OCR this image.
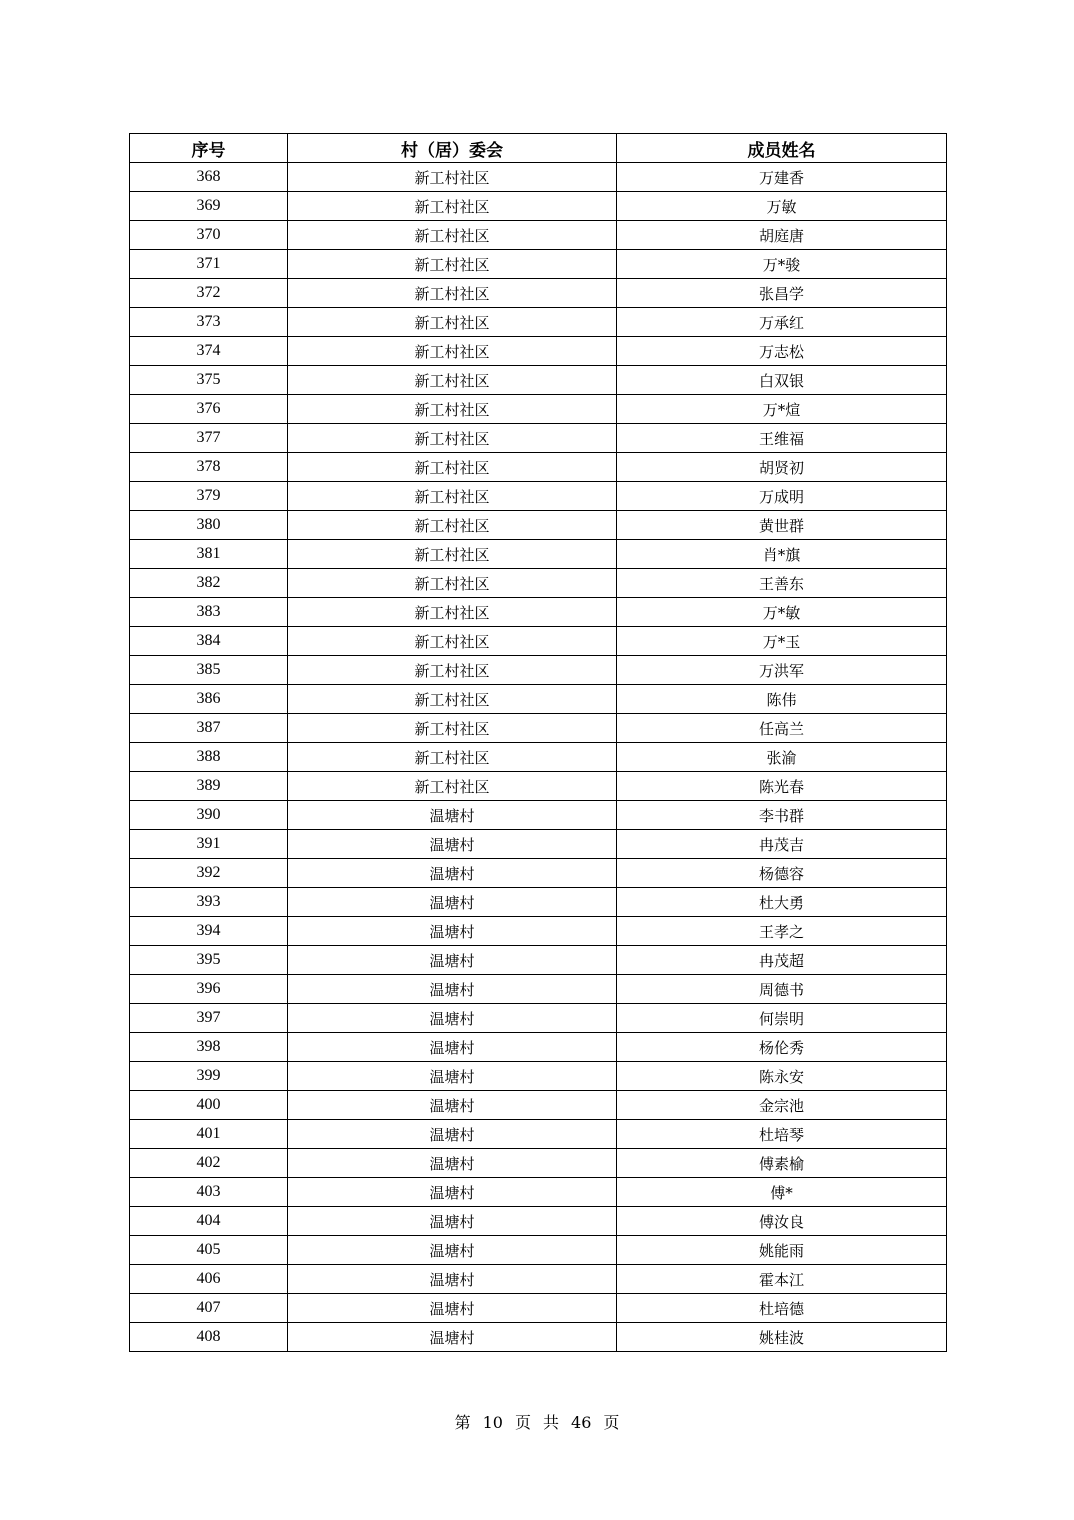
序号	村（居）委会	成员姓名
368	新工村社区	万建香
369	新工村社区	万敏
370	新工村社区	胡庭唐
371	新工村社区	万*骏
372	新工村社区	张昌学
373	新工村社区	万承红
374	新工村社区	万志松
375	新工村社区	白双银
376	新工村社区	万*煊
377	新工村社区	王维福
378	新工村社区	胡贤初
379	新工村社区	万成明
380	新工村社区	黄世群
381	新工村社区	肖*旗
382	新工村社区	王善东
383	新工村社区	万*敏
384	新工村社区	万*玉
385	新工村社区	万洪军
386	新工村社区	陈伟
387	新工村社区	任高兰
388	新工村社区	张渝
389	新工村社区	陈光春
390	温塘村	李书群
391	温塘村	冉茂吉
392	温塘村	杨德容
393	温塘村	杜大勇
394	温塘村	王孝之
395	温塘村	冉茂超
396	温塘村	周德书
397	温塘村	何崇明
398	温塘村	杨伦秀
399	温塘村	陈永安
400	温塘村	金宗池
401	温塘村	杜培琴
402	温塘村	傅素榆
403	温塘村	傅*
404	温塘村	傅汝良
405	温塘村	姚能雨
406	温塘村	霍本江
407	温塘村	杜培德
408	温塘村	姚桂波
第 10 页 共 46 页
